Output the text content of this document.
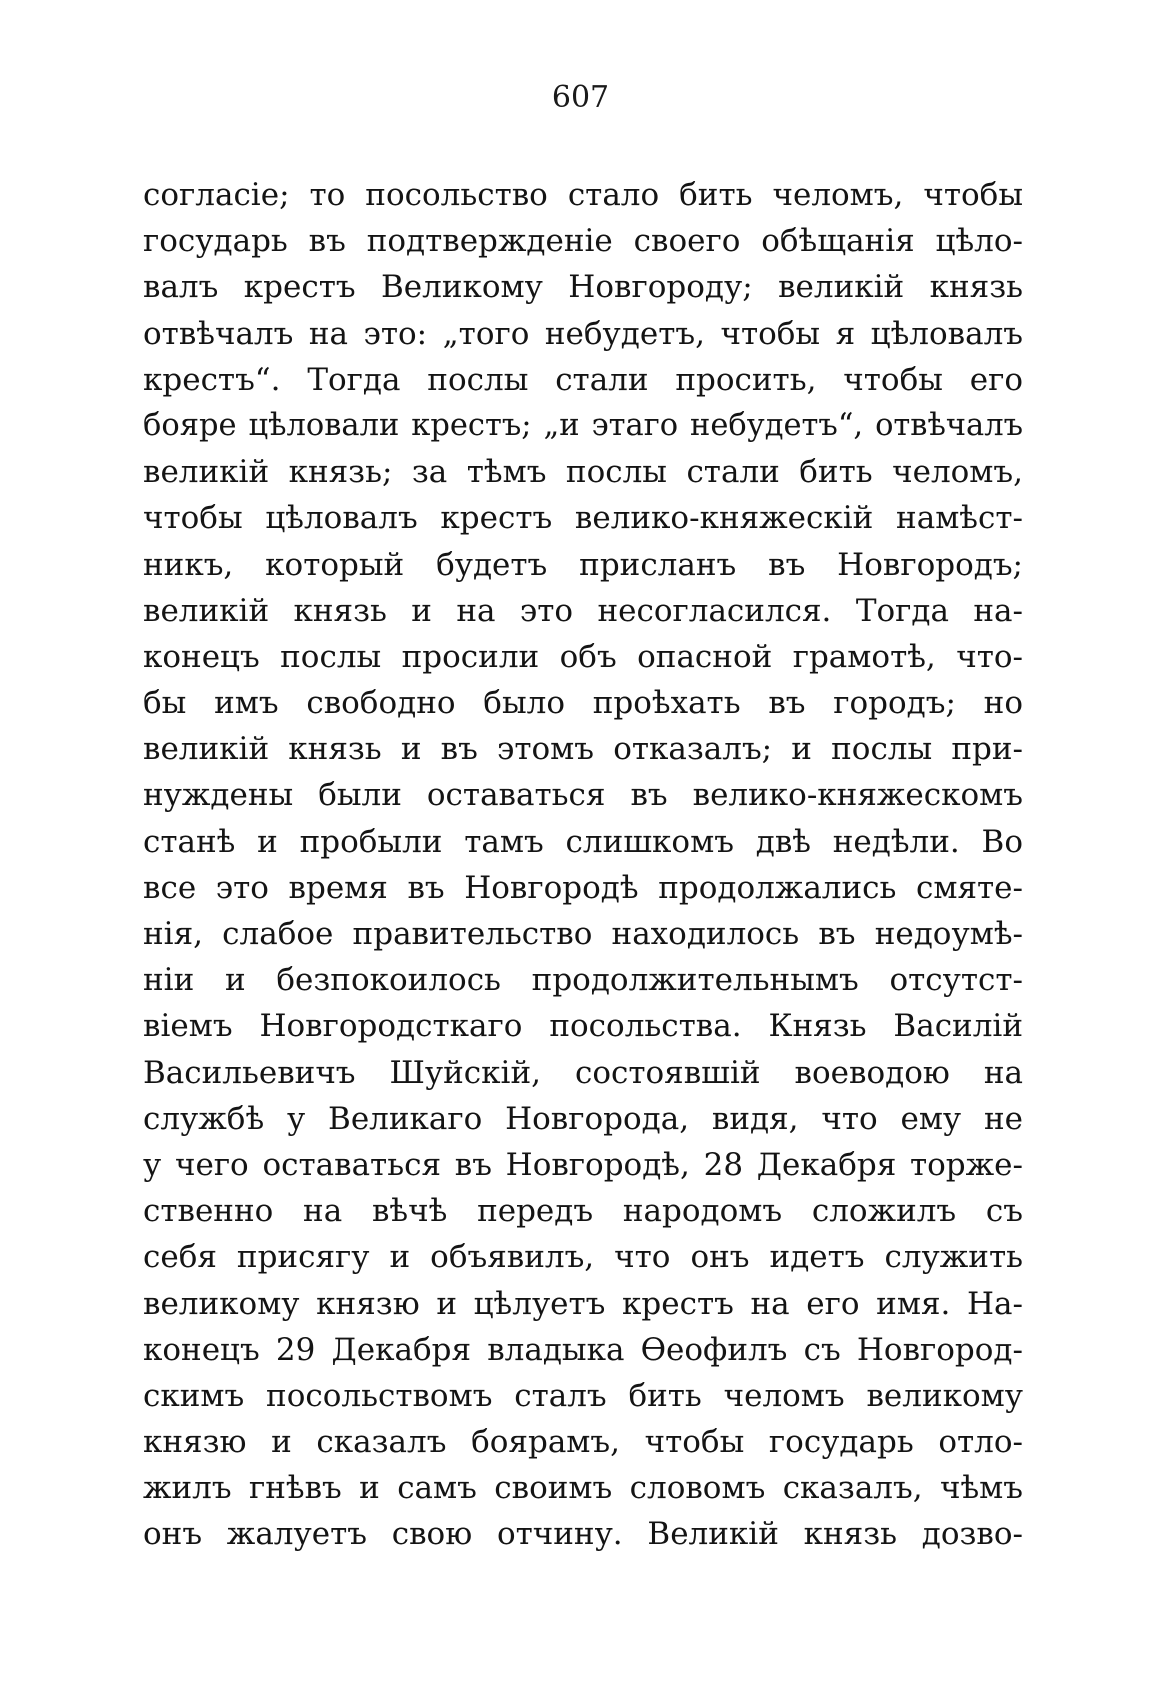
607
согласіе; то посольство стало бить челомъ, чтобы
государь въ подтвержденіе своего обѣщанія цѣло-
валъ крестъ Великому Новгороду; великій князь
отвѣчалъ на это: „того небудетъ, чтобы я цѣловалъ
крестъ“. Тогда послы стали просить, чтобы его
бояре цѣловали крестъ; „и этаго небудетъ“, отвѣчалъ
великій князь; за тѣмъ послы стали бить челомъ,
чтобы цѣловалъ крестъ велико-княжескій намѣст-
никъ, который будетъ присланъ въ Новгородъ;
великій князь и на это несогласился. Тогда на-
конецъ послы просили объ опасной грамотѣ, что-
бы имъ свободно было проѣхать въ городъ; но
великій князь и въ этомъ отказалъ; и послы при-
нуждены были оставаться въ велико-княжескомъ
станѣ и пробыли тамъ слишкомъ двѣ недѣли. Во
все это время въ Новгородѣ продолжались смяте-
нія, слабое правительство находилось въ недоумѣ-
ніи и безпокоилось продолжительнымъ отсутст-
віемъ Новгородсткаго посольства. Князь Василій
Васильевичъ Шуйскій, состоявшій воеводою на
службѣ у Великаго Новгорода, видя, что ему не
у чего оставаться въ Новгородѣ, 28 Декабря торже-
ственно на вѣчѣ передъ народомъ сложилъ съ
себя присягу и объявилъ, что онъ идетъ служить
великому князю и цѣлуетъ крестъ на его имя. На-
конецъ 29 Декабря владыка Өеофилъ съ Новгород-
скимъ посольствомъ сталъ бить челомъ великому
князю и сказалъ боярамъ, чтобы государь отло-
жилъ гнѣвъ и самъ своимъ словомъ сказалъ, чѣмъ
онъ жалуетъ свою отчину. Великій князь дозво-
